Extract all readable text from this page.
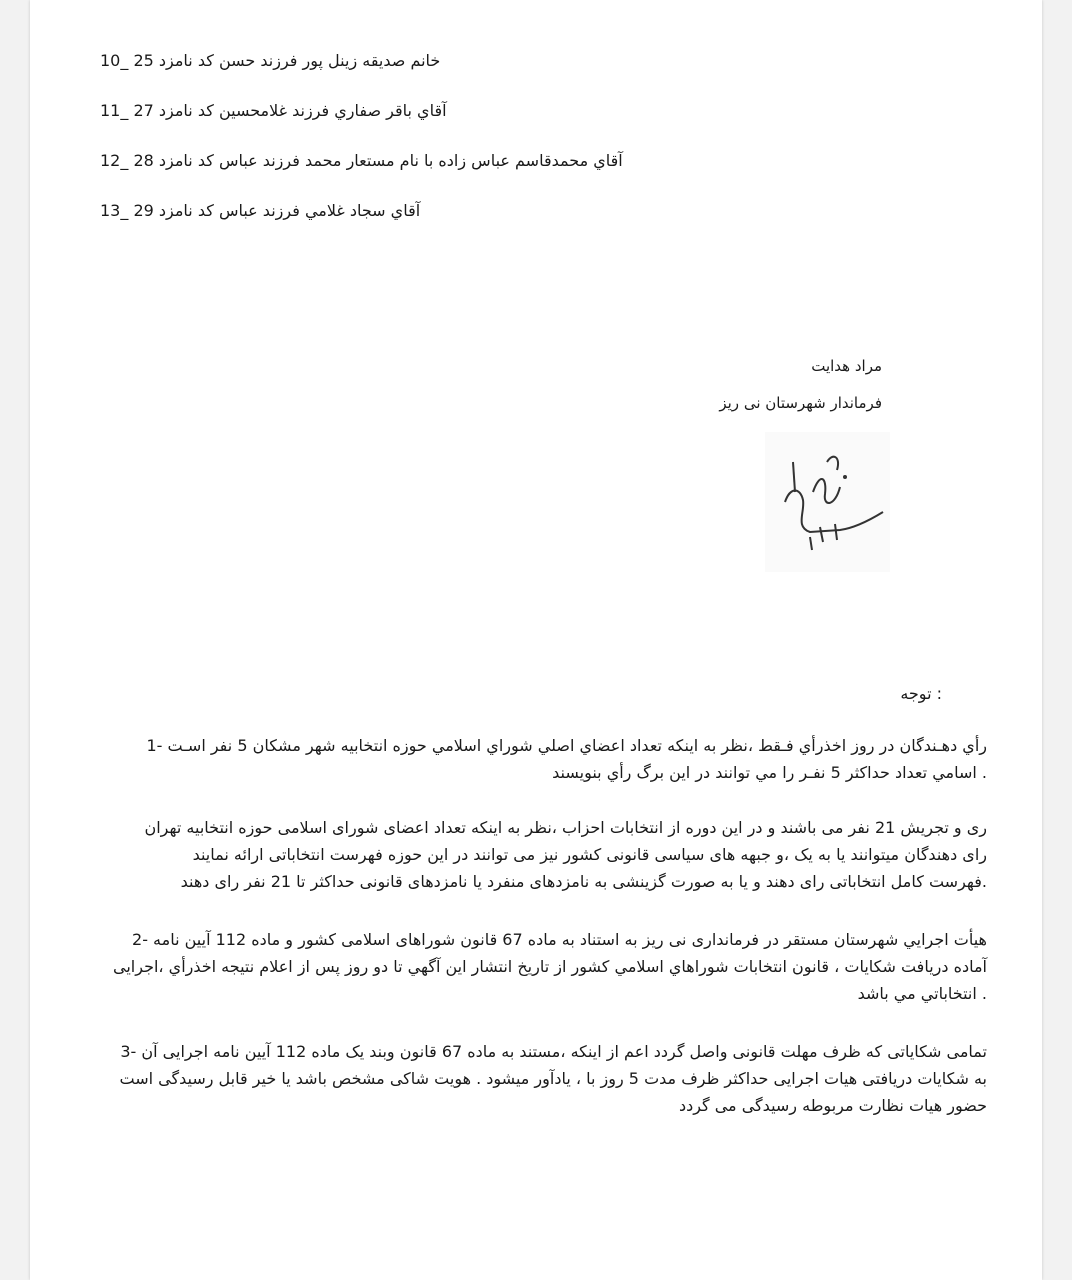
خانم صديقه زينل پور فرزند حسن كد نامزد 25 _10
آقاي باقر صفاري فرزند غلامحسين كد نامزد 27 _11
آقاي محمدقاسم عباس زاده با نام مستعار محمد فرزند عباس كد نامزد 28 _12
آقاي سجاد غلامي فرزند عباس كد نامزد 29 _13
مراد هدايت
فرماندار شهرستان نی ريز
: توجه
رأي دهـندگان در روز اخذرأي فـقط ،نظر به اينكه تعداد اعضاي اصلي شوراي اسلامي حوزه انتخابيه شهر مشكان 5 نفر اسـت -1
. اسامي تعداد حداكثر 5 نفـر را مي توانند در اين برگ رأي بنويسند
ری و تجریش 21 نفر می باشند و در این دوره از انتخابات احزاب ،نظر به اینکه تعداد اعضای شورای اسلامی حوزه انتخابیه تهران
رای دهندگان میتوانند یا به یک ،و جبهه های سیاسی قانونی کشور نیز می توانند در این حوزه فهرست انتخاباتی ارائه نمایند
.فهرست کامل انتخاباتی رای دهند و یا به صورت گزینشی به نامزدهای منفرد یا نامزدهای قانونی حداکثر تا 21 نفر رای دهند
هيأت اجرايي شهرستان مستقر در فرمانداری نی ريز به استناد به ماده 67 قانون شوراهای اسلامی کشور و ماده 112 آيين نامه -2
آماده دريافت شكايات ، قانون انتخابات شوراهاي اسلامي کشور از تاريخ انتشار اين آگهي تا دو روز پس از اعلام نتيجه اخذرأي ،اجرايی
. انتخاباتي مي باشد
تمامی شکایاتی که ظرف مهلت قانونی واصل گردد اعم از اینکه ،مستند به ماده 67 قانون وبند یک ماده 112 آیین نامه اجرایی آن -3
به شکایات دریافتی هیات اجرایی حداکثر ظرف مدت 5 روز با ، یادآور میشود . هویت شاکی مشخص باشد یا خیر قابل رسیدگی است
حضور هیات نظارت مربوطه رسیدگی می گردد
